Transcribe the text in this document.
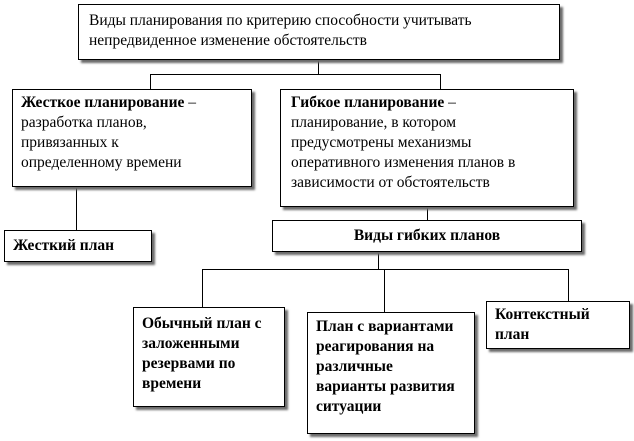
Виды планирования по критерию способности учитывать
непредвиденное изменение обстоятельств
Жесткое планирование –
разработка планов,
привязанных к
определенному времени
Гибкое планирование –
планирование, в котором
предусмотрены механизмы
оперативного изменения планов в
зависимости от обстоятельств
Жесткий план
Виды гибких планов
Обычный план с
заложенными
резервами по
времени
План с вариантами
реагирования на
различные
варианты развития
ситуации
Контекстный
план
